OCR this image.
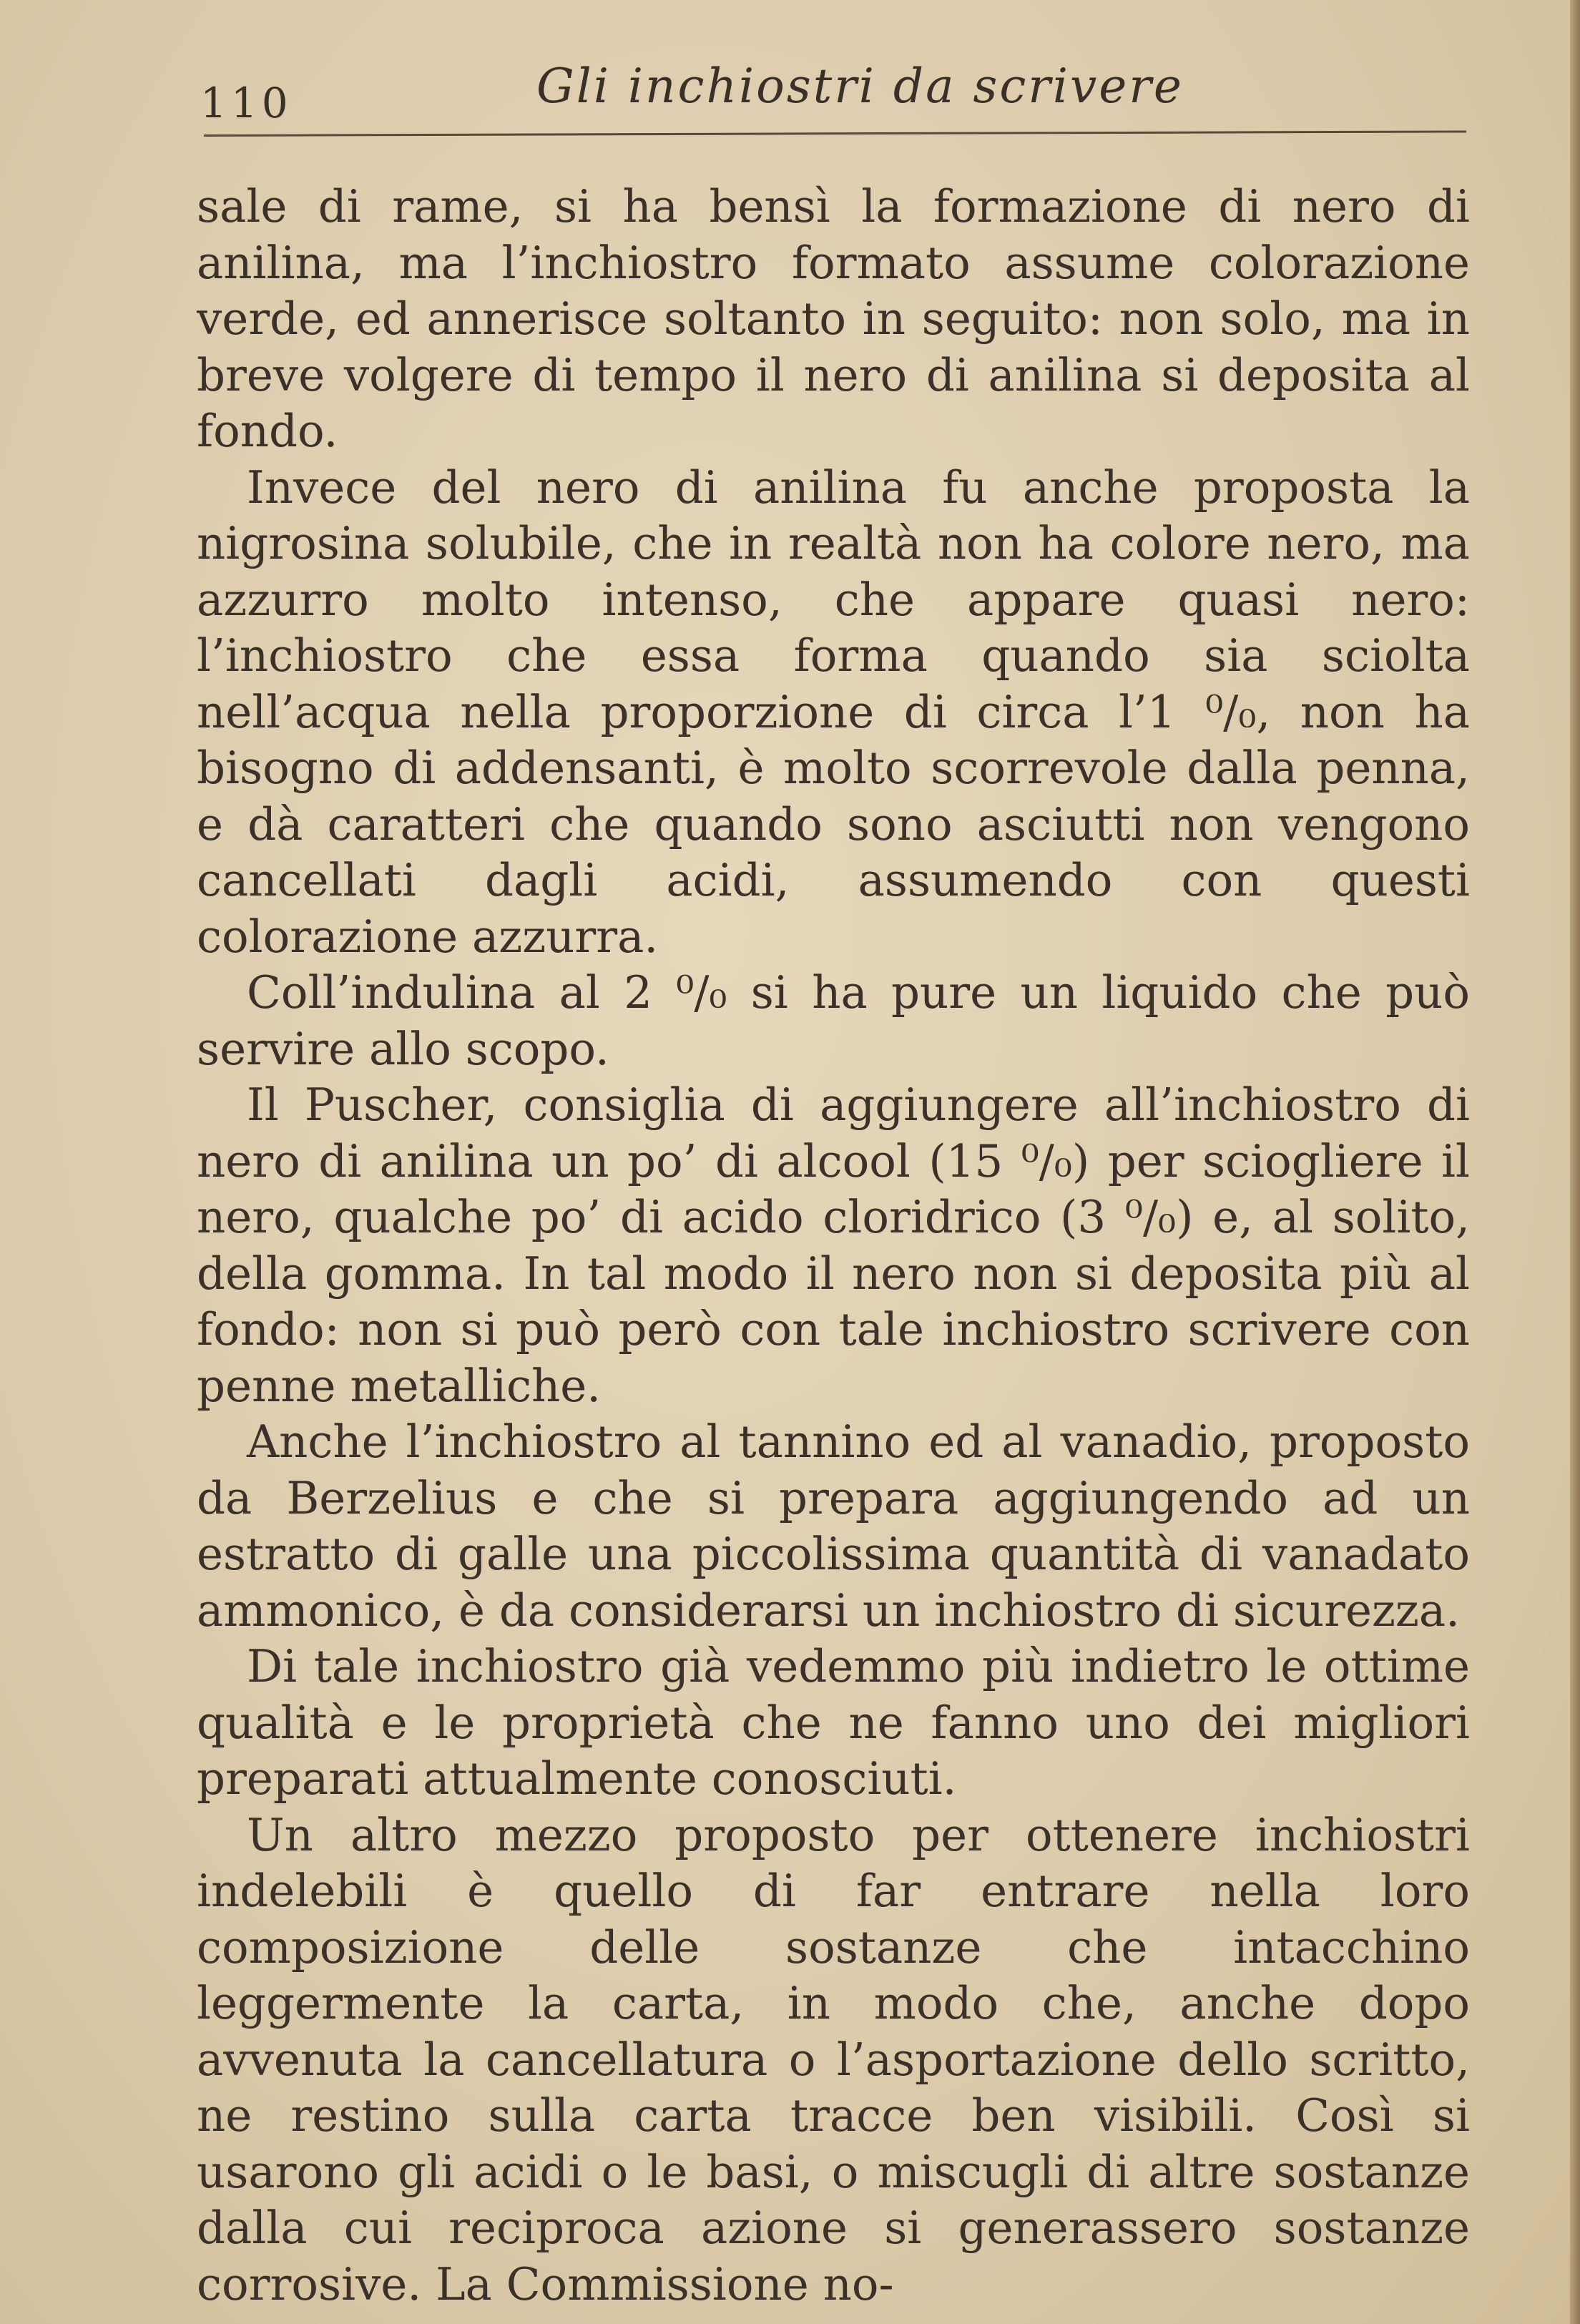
110	Gli inchiostri da scrivere

sale di rame, si ha bensì la formazione di nero di anilina, ma l’inchiostro formato assume colorazione verde, ed annerisce soltanto in seguito: non solo, ma in breve volgere di tempo il nero di anilina si deposita al fondo.

Invece del nero di anilina fu anche proposta la nigrosina solubile, che in realtà non ha colore nero, ma azzurro molto intenso, che appare quasi nero: l’inchiostro che essa forma quando sia sciolta nell’acqua nella proporzione di circa l’1 ⁰/₀, non ha bisogno di addensanti, è molto scorrevole dalla penna, e dà caratteri che quando sono asciutti non vengono cancellati dagli acidi, assumendo con questi colorazione azzurra.

Coll’indulina al 2 ⁰/₀ si ha pure un liquido che può servire allo scopo.

Il Puscher, consiglia di aggiungere all’inchiostro di nero di anilina un po’ di alcool (15 ⁰/₀) per sciogliere il nero, qualche po’ di acido cloridrico (3 ⁰/₀) e, al solito, della gomma. In tal modo il nero non si deposita più al fondo: non si può però con tale inchiostro scrivere con penne metalliche.

Anche l’inchiostro al tannino ed al vanadio, proposto da Berzelius e che si prepara aggiungendo ad un estratto di galle una piccolissima quantità di vanadato ammonico, è da considerarsi un inchiostro di sicurezza.

Di tale inchiostro già vedemmo più indietro le ottime qualità e le proprietà che ne fanno uno dei migliori preparati attualmente conosciuti.

Un altro mezzo proposto per ottenere inchiostri indelebili è quello di far entrare nella loro composizione delle sostanze che intacchino leggermente la carta, in modo che, anche dopo avvenuta la cancellatura o l’asportazione dello scritto, ne restino sulla carta tracce ben visibili. Così si usarono gli acidi o le basi, o miscugli di altre sostanze dalla cui reciproca azione si generassero sostanze corrosive. La Commissione no-
